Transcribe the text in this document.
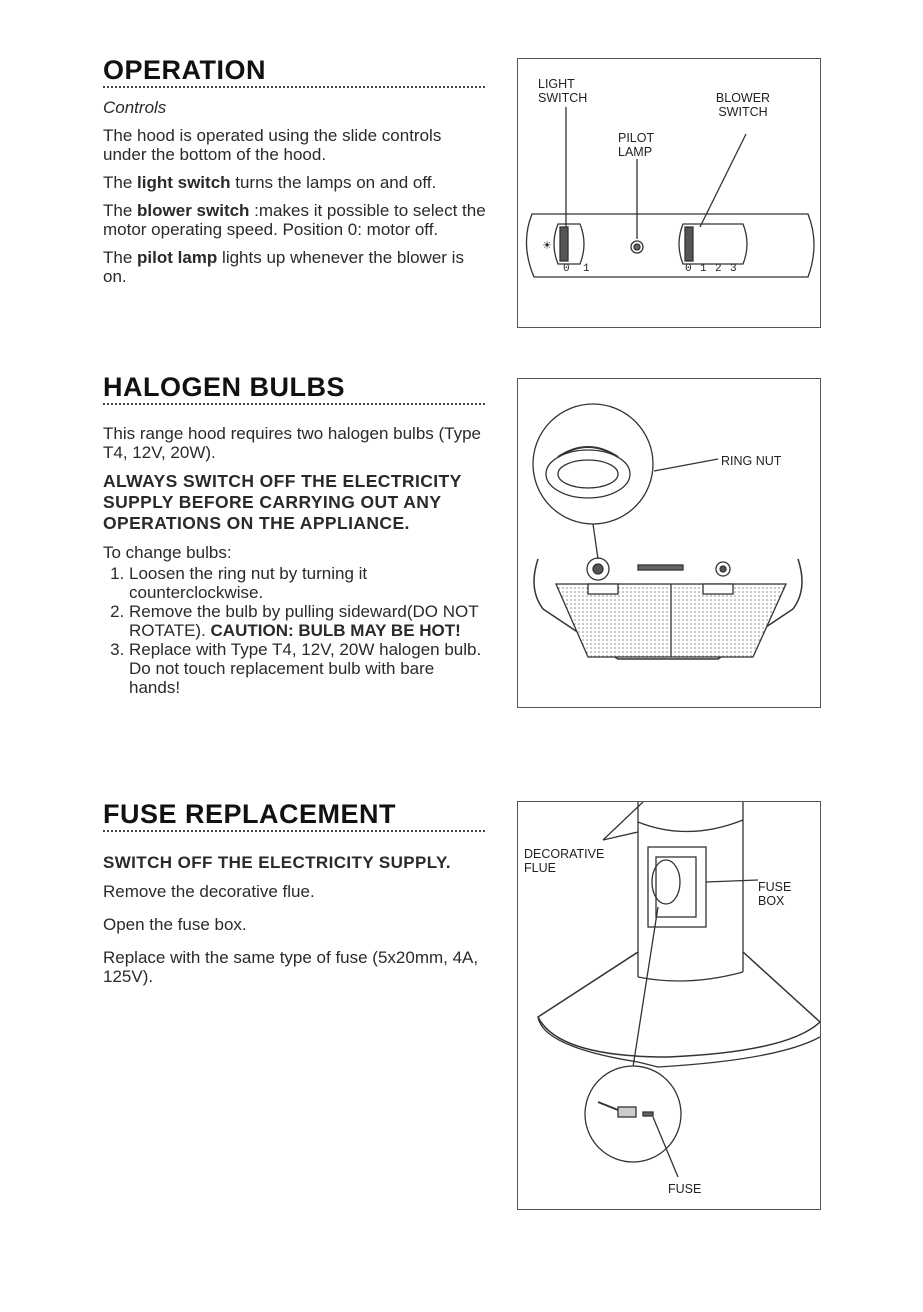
OPERATION

Controls

The hood is operated using the slide controls under the bottom of the hood.

The light switch turns the lamps on and off.

The blower switch :makes it possible to select the motor operating speed. Position 0: motor off.

The pilot lamp lights up whenever the blower is on.

☀
LIGHT SWITCH	BLOWER SWITCH
PILOT LAMP
0 1	0 1 2 3
HALOGEN BULBS

This range hood requires two halogen bulbs (Type T4, 12V, 20W).

ALWAYS SWITCH OFF THE ELECTRICITY SUPPLY BEFORE CARRYING OUT ANY OPERATIONS ON THE APPLIANCE.

To change bulbs:

1. Loosen the ring nut by turning it counterclockwise.
2. Remove the bulb by pulling sideward(DO NOT ROTATE). CAUTION: BULB MAY BE HOT!
3. Replace with Type T4, 12V, 20W halogen bulb. Do not touch replacement bulb with bare hands!
RING NUT
FUSE REPLACEMENT

SWITCH OFF THE ELECTRICITY SUPPLY.

Remove the decorative flue.

Open the fuse box.

Replace with the same type of fuse (5x20mm, 4A, 125V).

DECORATIVE FLUE
FUSE BOX
FUSE
